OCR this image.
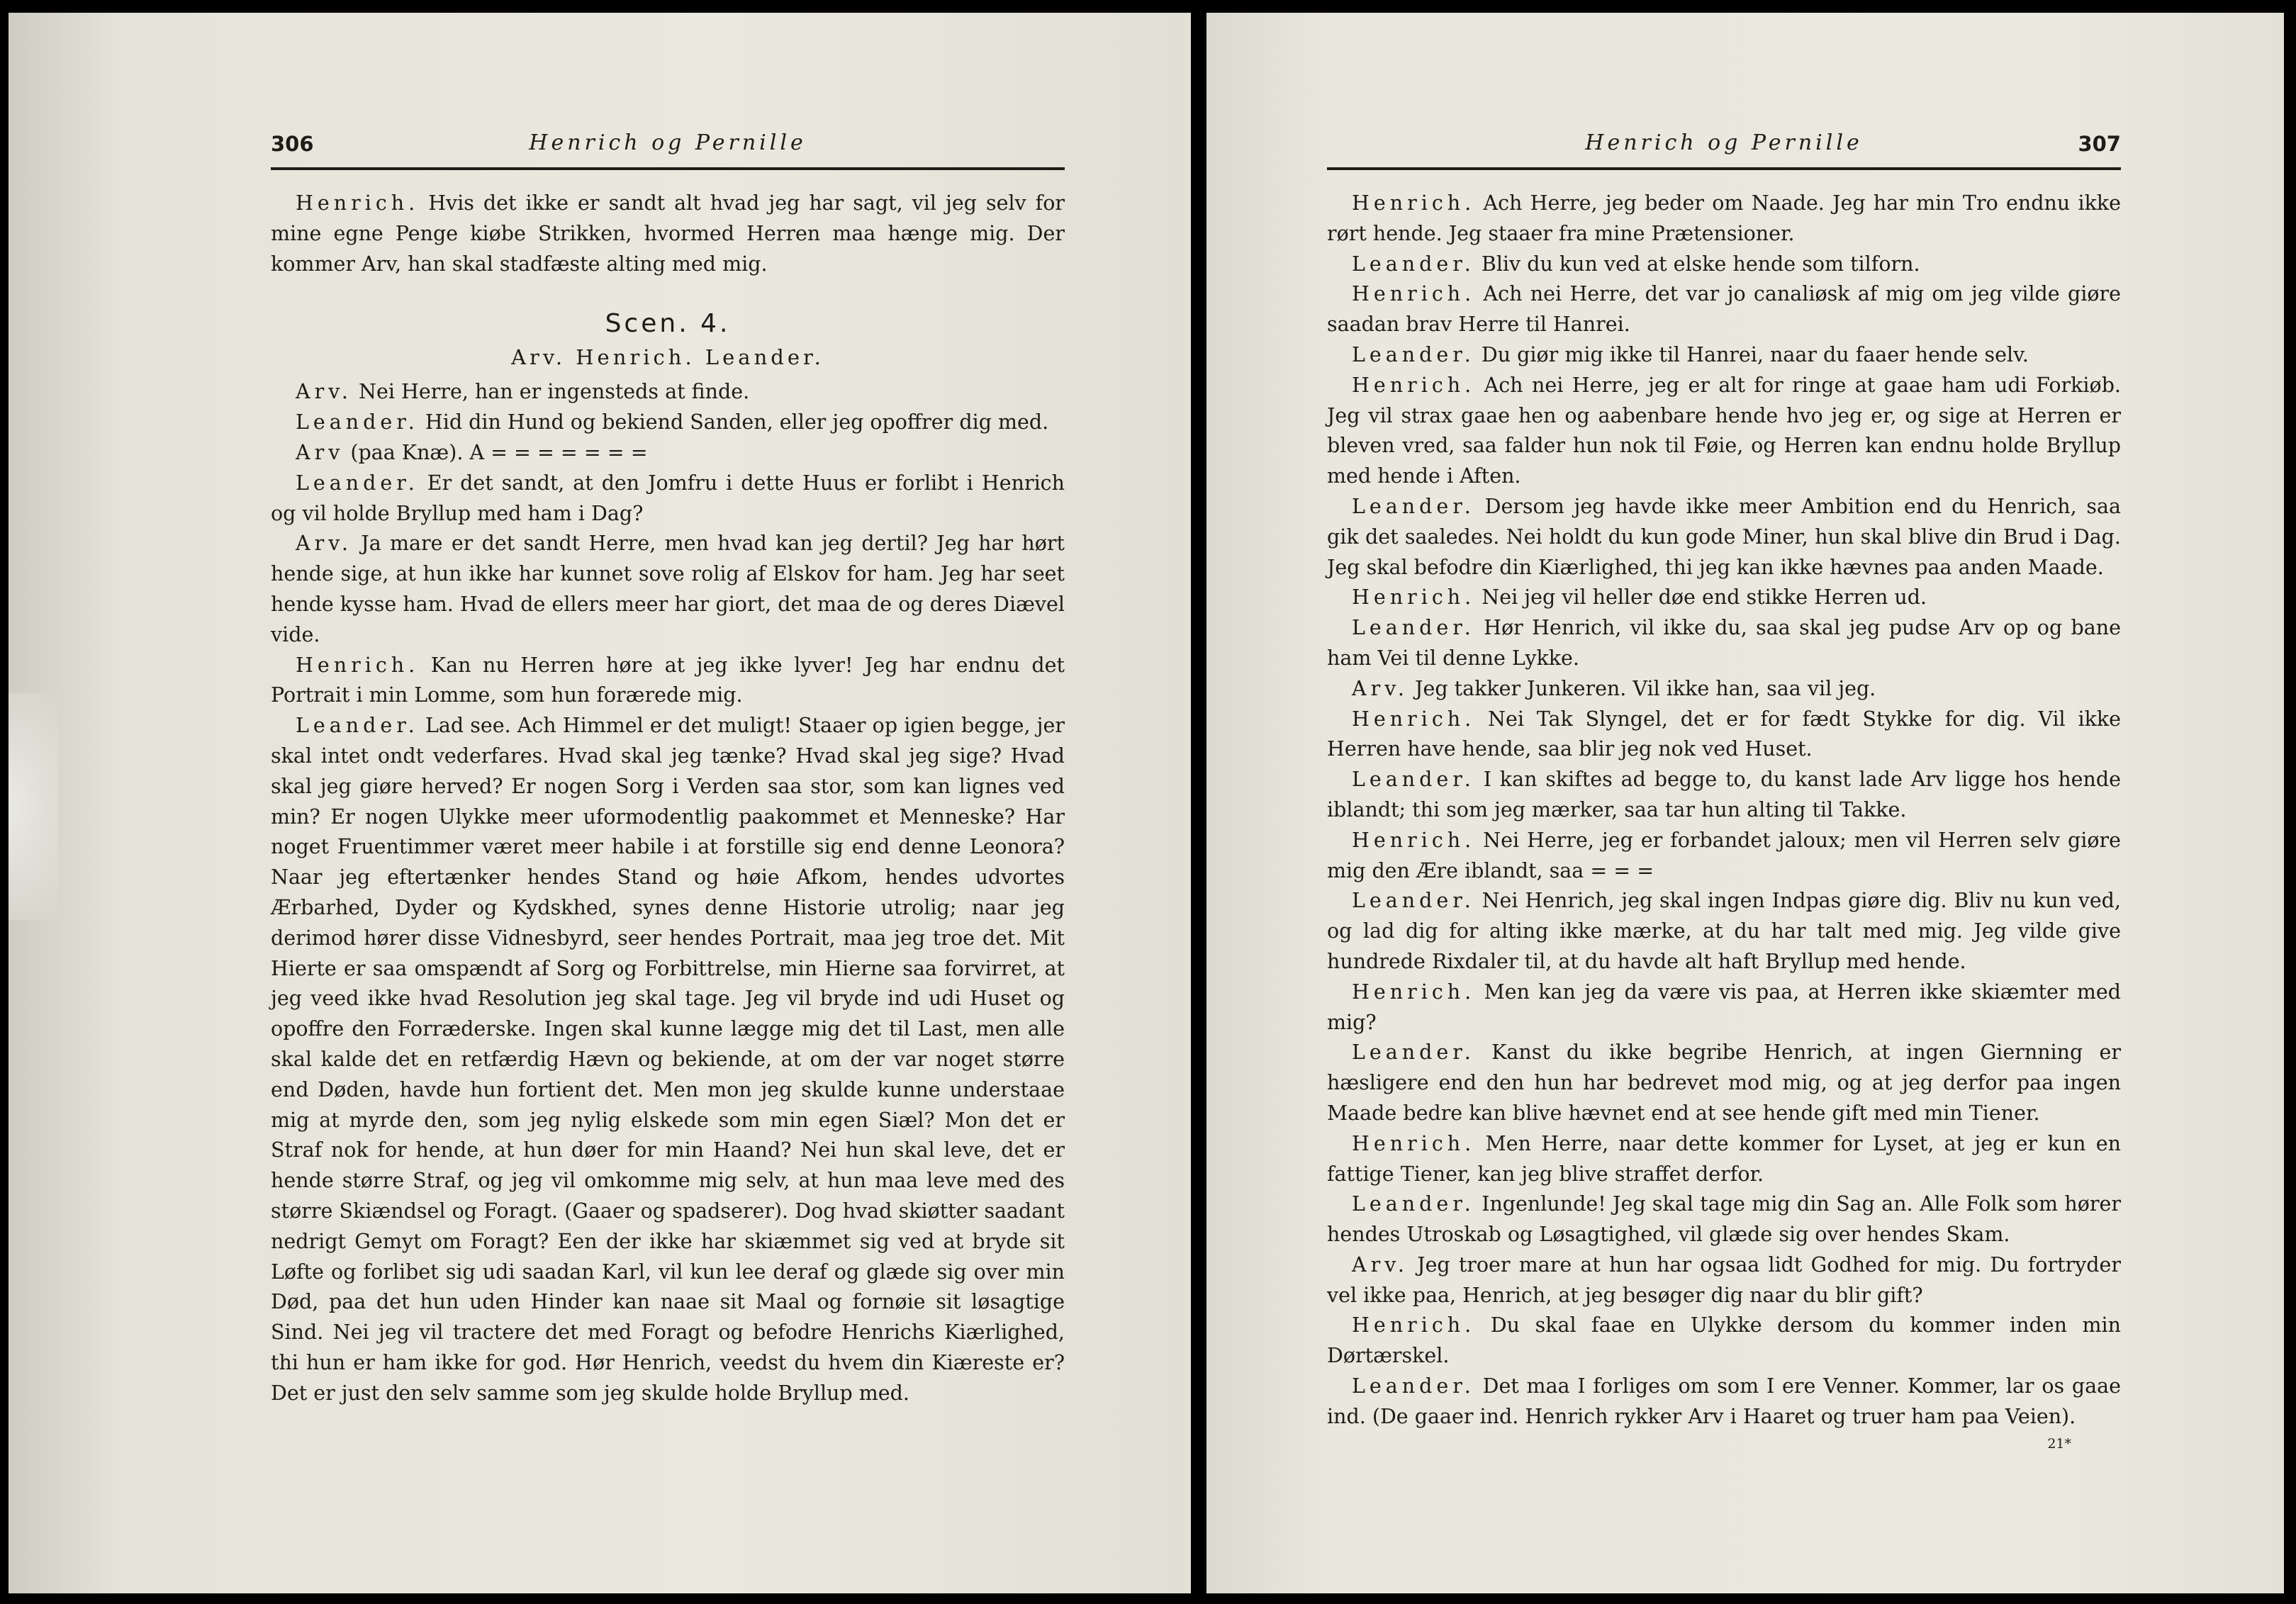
306	Henrich og Pernille

Henrich. Hvis det ikke er sandt alt hvad jeg har sagt, vil jeg selv for mine egne Penge kiøbe Strikken, hvormed Herren maa hænge mig. Der kommer Arv, han skal stadfæste alting med mig.

Scen. 4.
Arv. Henrich. Leander.

Arv. Nei Herre, han er ingensteds at finde.

Leander. Hid din Hund og bekiend Sanden, eller jeg opoffrer dig med.

Arv (paa Knæ). A = = = = = = =

Leander. Er det sandt, at den Jomfru i dette Huus er forlibt i Henrich og vil holde Bryllup med ham i Dag?

Arv. Ja mare er det sandt Herre, men hvad kan jeg dertil? Jeg har hørt hende sige, at hun ikke har kunnet sove rolig af Elskov for ham. Jeg har seet hende kysse ham. Hvad de ellers meer har giort, det maa de og deres Diævel vide.

Henrich. Kan nu Herren høre at jeg ikke lyver! Jeg har endnu det Portrait i min Lomme, som hun forærede mig.

Leander. Lad see. Ach Himmel er det muligt! Staaer op igien begge, jer skal intet ondt vederfares. Hvad skal jeg tænke? Hvad skal jeg sige? Hvad skal jeg giøre herved? Er nogen Sorg i Verden saa stor, som kan lignes ved min? Er nogen Ulykke meer uformodentlig paakommet et Menneske? Har noget Fruentimmer været meer habile i at forstille sig end denne Leonora? Naar jeg eftertænker hendes Stand og høie Afkom, hendes udvortes Ærbarhed, Dyder og Kydskhed, synes denne Historie utrolig; naar jeg derimod hører disse Vidnesbyrd, seer hendes Portrait, maa jeg troe det. Mit Hierte er saa omspændt af Sorg og Forbittrelse, min Hierne saa forvirret, at jeg veed ikke hvad Resolution jeg skal tage. Jeg vil bryde ind udi Huset og opoffre den Forræderske. Ingen skal kunne lægge mig det til Last, men alle skal kalde det en retfærdig Hævn og bekiende, at om der var noget større end Døden, havde hun fortient det. Men mon jeg skulde kunne understaae mig at myrde den, som jeg nylig elskede som min egen Siæl? Mon det er Straf nok for hende, at hun døer for min Haand? Nei hun skal leve, det er hende større Straf, og jeg vil omkomme mig selv, at hun maa leve med des større Skiændsel og Foragt. (Gaaer og spadserer). Dog hvad skiøtter saadant nedrigt Gemyt om Foragt? Een der ikke har skiæmmet sig ved at bryde sit Løfte og forlibet sig udi saadan Karl, vil kun lee deraf og glæde sig over min Død, paa det hun uden Hinder kan naae sit Maal og fornøie sit løsagtige Sind. Nei jeg vil tractere det med Foragt og befodre Henrichs Kiærlighed, thi hun er ham ikke for god. Hør Henrich, veedst du hvem din Kiæreste er? Det er just den selv samme som jeg skulde holde Bryllup med.

Henrich og Pernille	307

Henrich. Ach Herre, jeg beder om Naade. Jeg har min Tro endnu ikke rørt hende. Jeg staaer fra mine Prætensioner.

Leander. Bliv du kun ved at elske hende som tilforn.

Henrich. Ach nei Herre, det var jo canaliøsk af mig om jeg vilde giøre saadan brav Herre til Hanrei.

Leander. Du giør mig ikke til Hanrei, naar du faaer hende selv.

Henrich. Ach nei Herre, jeg er alt for ringe at gaae ham udi Forkiøb. Jeg vil strax gaae hen og aabenbare hende hvo jeg er, og sige at Herren er bleven vred, saa falder hun nok til Føie, og Herren kan endnu holde Bryllup med hende i Aften.

Leander. Dersom jeg havde ikke meer Ambition end du Henrich, saa gik det saaledes. Nei holdt du kun gode Miner, hun skal blive din Brud i Dag. Jeg skal befodre din Kiærlighed, thi jeg kan ikke hævnes paa anden Maade.

Henrich. Nei jeg vil heller døe end stikke Herren ud.

Leander. Hør Henrich, vil ikke du, saa skal jeg pudse Arv op og bane ham Vei til denne Lykke.

Arv. Jeg takker Junkeren. Vil ikke han, saa vil jeg.

Henrich. Nei Tak Slyngel, det er for fædt Stykke for dig. Vil ikke Herren have hende, saa blir jeg nok ved Huset.

Leander. I kan skiftes ad begge to, du kanst lade Arv ligge hos hende iblandt; thi som jeg mærker, saa tar hun alting til Takke.

Henrich. Nei Herre, jeg er forbandet jaloux; men vil Herren selv giøre mig den Ære iblandt, saa = = =

Leander. Nei Henrich, jeg skal ingen Indpas giøre dig. Bliv nu kun ved, og lad dig for alting ikke mærke, at du har talt med mig. Jeg vilde give hundrede Rixdaler til, at du havde alt haft Bryllup med hende.

Henrich. Men kan jeg da være vis paa, at Herren ikke skiæmter med mig?

Leander. Kanst du ikke begribe Henrich, at ingen Giernning er hæsligere end den hun har bedrevet mod mig, og at jeg derfor paa ingen Maade bedre kan blive hævnet end at see hende gift med min Tiener.

Henrich. Men Herre, naar dette kommer for Lyset, at jeg er kun en fattige Tiener, kan jeg blive straffet derfor.

Leander. Ingenlunde! Jeg skal tage mig din Sag an. Alle Folk som hører hendes Utroskab og Løsagtighed, vil glæde sig over hendes Skam.

Arv. Jeg troer mare at hun har ogsaa lidt Godhed for mig. Du fortryder vel ikke paa, Henrich, at jeg besøger dig naar du blir gift?

Henrich. Du skal faae en Ulykke dersom du kommer inden min Dørtærskel.

Leander. Det maa I forliges om som I ere Venner. Kommer, lar os gaae ind. (De gaaer ind. Henrich rykker Arv i Haaret og truer ham paa Veien).

21*
